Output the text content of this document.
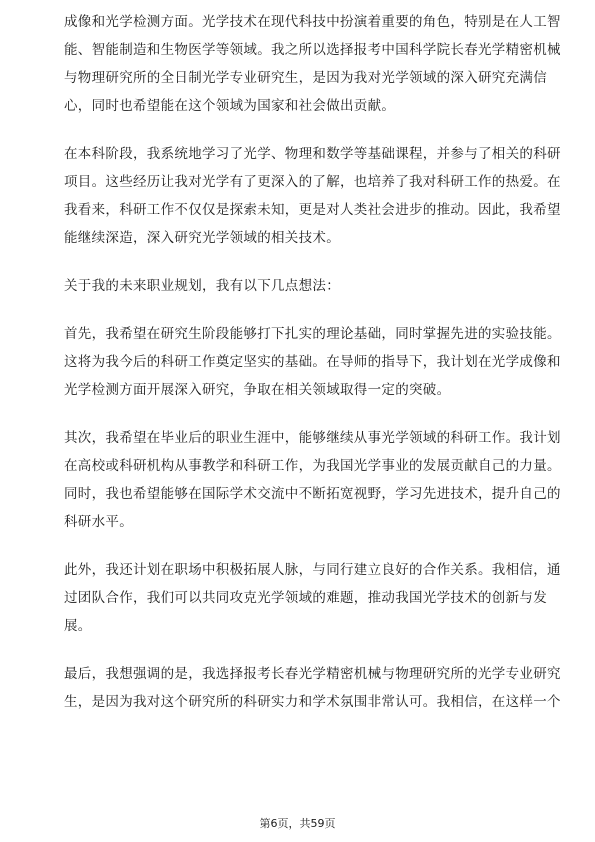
成像和光学检测方面。光学技术在现代科技中扮演着重要的角色，特别是在人工智
能、智能制造和生物医学等领域。我之所以选择报考中国科学院长春光学精密机械
与物理研究所的全日制光学专业研究生，是因为我对光学领域的深入研究充满信
心，同时也希望能在这个领域为国家和社会做出贡献。
在本科阶段，我系统地学习了光学、物理和数学等基础课程，并参与了相关的科研
项目。这些经历让我对光学有了更深入的了解，也培养了我对科研工作的热爱。在
我看来，科研工作不仅仅是探索未知，更是对人类社会进步的推动。因此，我希望
能继续深造，深入研究光学领域的相关技术。
关于我的未来职业规划，我有以下几点想法：
首先，我希望在研究生阶段能够打下扎实的理论基础，同时掌握先进的实验技能。
这将为我今后的科研工作奠定坚实的基础。在导师的指导下，我计划在光学成像和
光学检测方面开展深入研究，争取在相关领域取得一定的突破。
其次，我希望在毕业后的职业生涯中，能够继续从事光学领域的科研工作。我计划
在高校或科研机构从事教学和科研工作，为我国光学事业的发展贡献自己的力量。
同时，我也希望能够在国际学术交流中不断拓宽视野，学习先进技术，提升自己的
科研水平。
此外，我还计划在职场中积极拓展人脉，与同行建立良好的合作关系。我相信，通
过团队合作，我们可以共同攻克光学领域的难题，推动我国光学技术的创新与发
展。
最后，我想强调的是，我选择报考长春光学精密机械与物理研究所的光学专业研究
生，是因为我对这个研究所的科研实力和学术氛围非常认可。我相信，在这样一个
第6页，共59页
